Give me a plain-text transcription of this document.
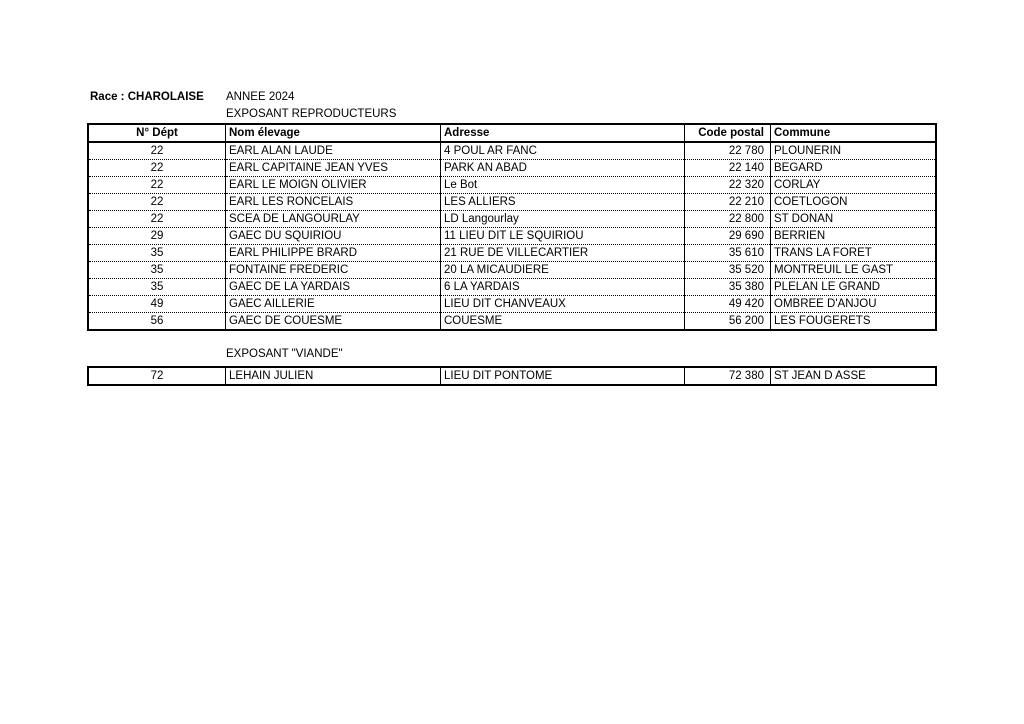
Race : CHAROLAISE ANNEE 2024
EXPOSANT REPRODUCTEURS
N° Dépt	Nom élevage	Adresse	Code postal	Commune
22	EARL ALAN LAUDE	4 POUL AR FANC	22 780	PLOUNERIN
22	EARL CAPITAINE JEAN YVES	PARK AN ABAD	22 140	BEGARD
22	EARL LE MOIGN OLIVIER	Le Bot	22 320	CORLAY
22	EARL LES RONCELAIS	LES ALLIERS	22 210	COETLOGON
22	SCEA DE LANGOURLAY	LD Langourlay	22 800	ST DONAN
29	GAEC DU SQUIRIOU	11 LIEU DIT LE SQUIRIOU	29 690	BERRIEN
35	EARL PHILIPPE BRARD	21 RUE DE VILLECARTIER	35 610	TRANS LA FORET
35	FONTAINE FREDERIC	20 LA MICAUDIERE	35 520	MONTREUIL LE GAST
35	GAEC DE LA YARDAIS	6 LA YARDAIS	35 380	PLELAN LE GRAND
49	GAEC AILLERIE	LIEU DIT CHANVEAUX	49 420	OMBREE D'ANJOU
56	GAEC DE COUESME	COUESME	56 200	LES FOUGERETS
EXPOSANT "VIANDE"
72	LEHAIN JULIEN	LIEU DIT PONTOME	72 380	ST JEAN D ASSE
